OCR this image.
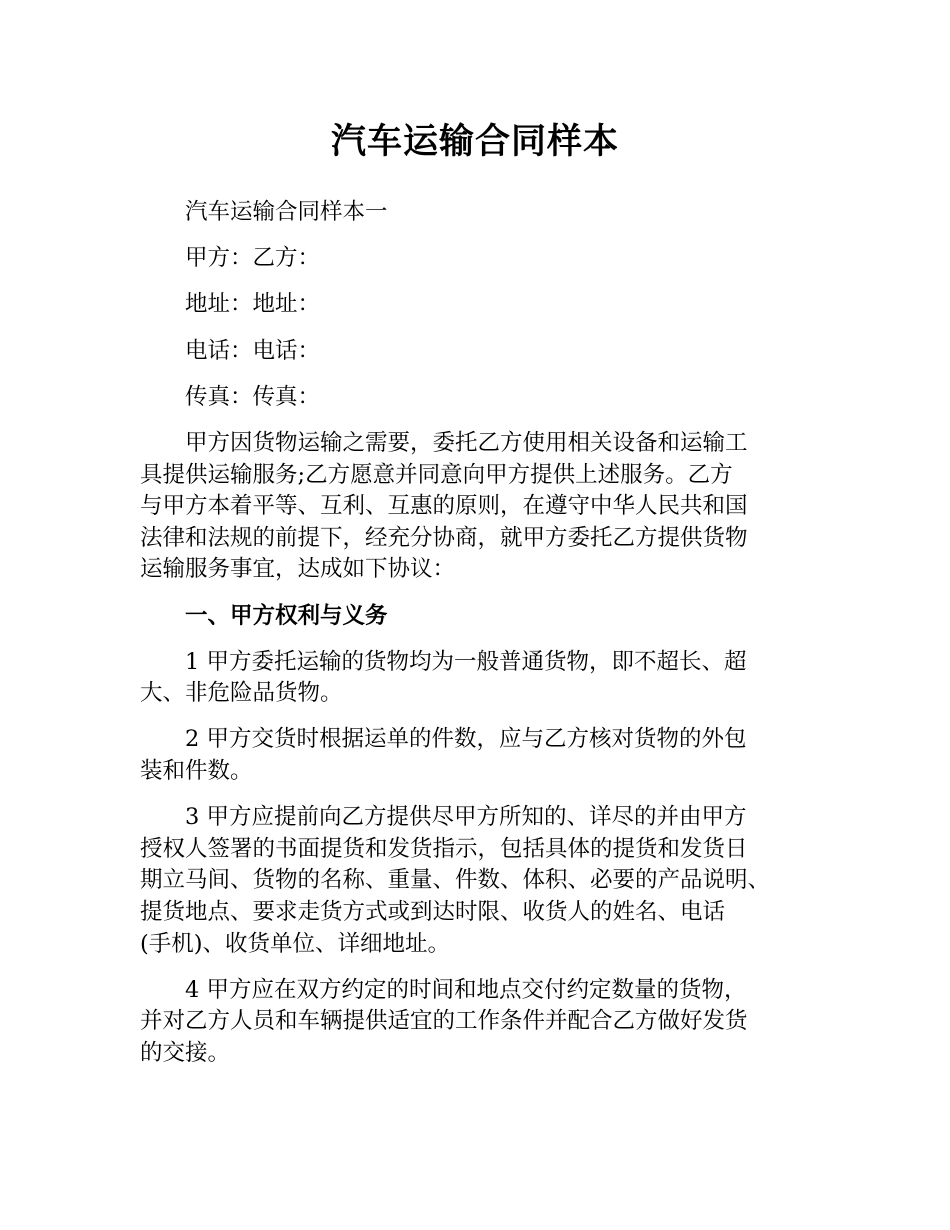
汽车运输合同样本

汽车运输合同样本一

甲方：乙方：

地址：地址：

电话：电话：

传真：传真：

甲方因货物运输之需要，委托乙方使用相关设备和运输工
具提供运输服务;乙方愿意并同意向甲方提供上述服务。乙方
与甲方本着平等、互利、互惠的原则，在遵守中华人民共和国
法律和法规的前提下，经充分协商，就甲方委托乙方提供货物
运输服务事宜，达成如下协议：

一、甲方权利与义务

1 甲方委托运输的货物均为一般普通货物，即不超长、超
大、非危险品货物。

2 甲方交货时根据运单的件数，应与乙方核对货物的外包
装和件数。

3 甲方应提前向乙方提供尽甲方所知的、详尽的并由甲方
授权人签署的书面提货和发货指示，包括具体的提货和发货日
期立马间、货物的名称、重量、件数、体积、必要的产品说明、
提货地点、要求走货方式或到达时限、收货人的姓名、电话
(手机)、收货单位、详细地址。

4 甲方应在双方约定的时间和地点交付约定数量的货物，
并对乙方人员和车辆提供适宜的工作条件并配合乙方做好发货
的交接。
